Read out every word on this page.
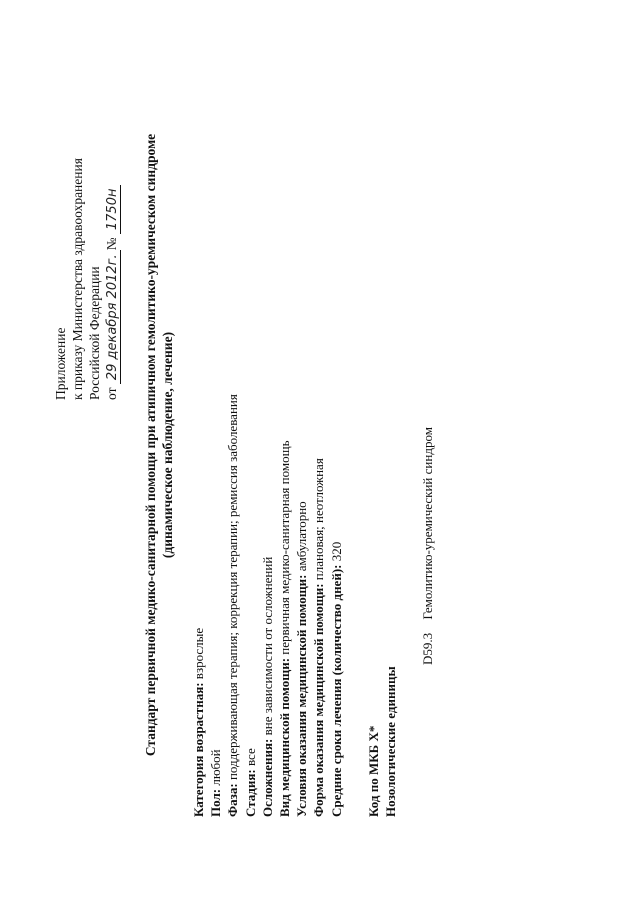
Приложение к приказу Министерства здравоохранения Российской Федерации от 29 декабря 2012г.№ 1750н Стандарт первичной медико-санитарной помощи при атипичном гемолитико-уремическом синдроме (динамическое наблюдение, лечение)
Категория возрастная: взрослые
Пол: любой
Фаза: поддерживающая терапия; коррекция терапии; ремиссия заболевания
Стадия: все Осложнения: вне зависимости от осложнений Вид медицинской помощи: первичная медико-санитарная помощь
Условия оказания медицинской помощи: амбулаторно
Форма оказания медицинской помощи: плановая; неотложная
Средние сроки лечения (количество дней): 320
Код по МКБ X* Нозологические единицы
D59.3 Гемолитико-уремический синдром
